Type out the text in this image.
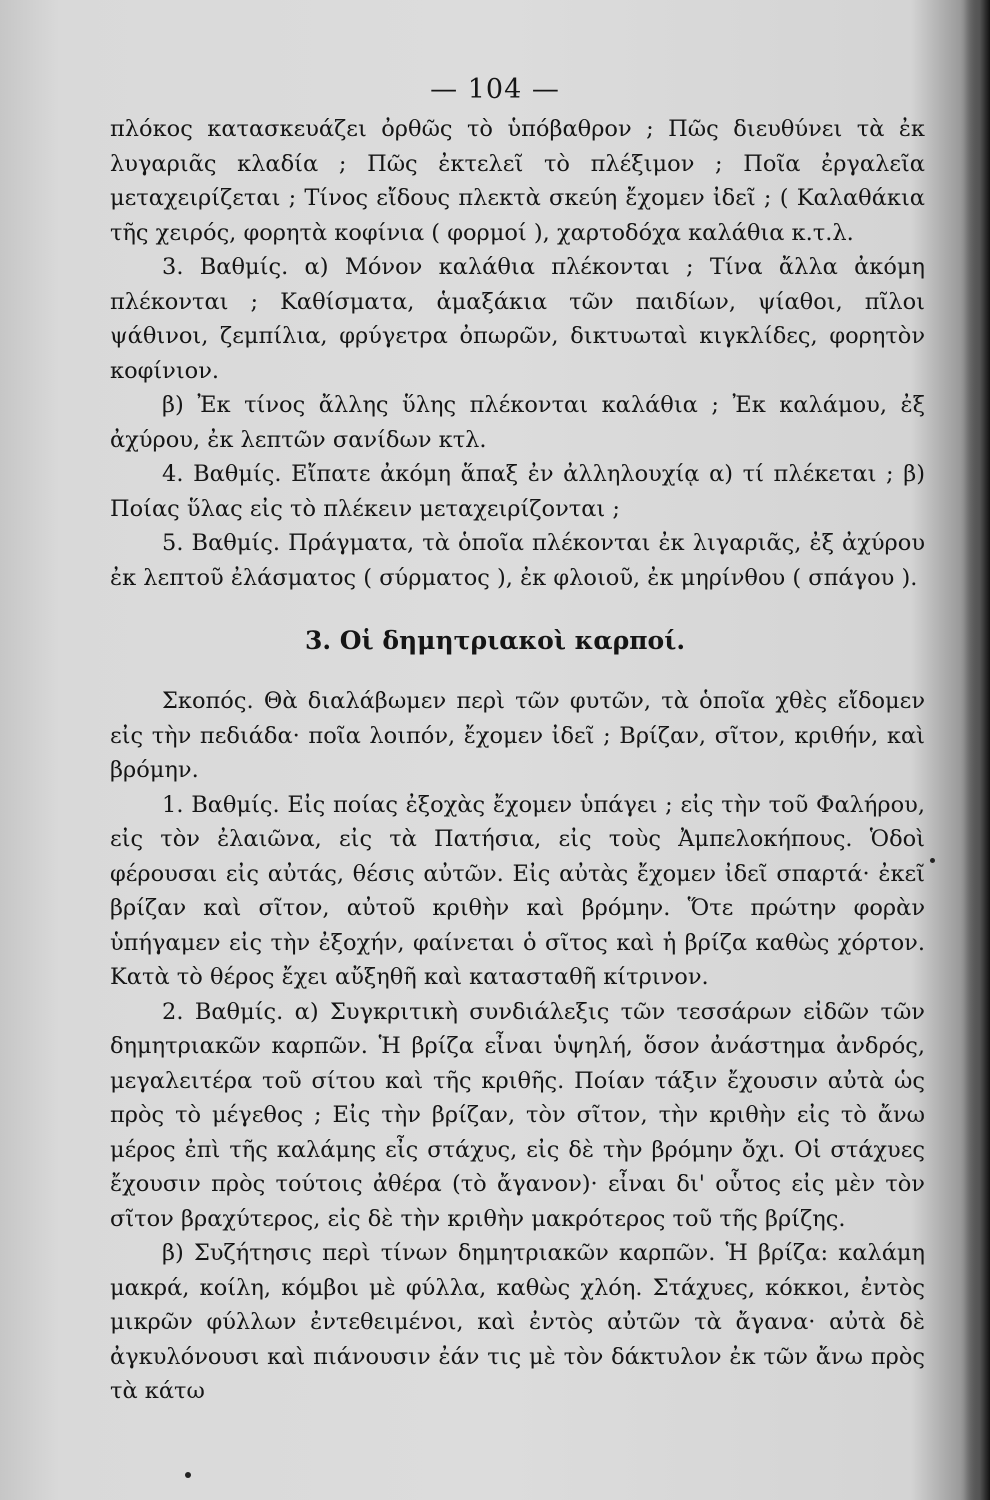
— 104 —

πλόκος κατασκευάζει ὀρθῶς τὸ ὑπόβαθρον ; Πῶς διευθύνει τὰ ἐκ λυγαριᾶς κλαδία ; Πῶς ἐκτελεῖ τὸ πλέξιμον ; Ποῖα ἐργαλεῖα μεταχειρίζεται ; Τίνος εἴδους πλεκτὰ σκεύη ἔχομεν ἰδεῖ ; ( Καλαθάκια τῆς χειρός, φορητὰ κοφίνια ( φορμοί ), χαρτοδόχα καλάθια κ.τ.λ.

3. Βαθμίς. α) Μόνον καλάθια πλέκονται ; Τίνα ἄλλα ἀκόμη πλέκονται ; Καθίσματα, ἁμαξάκια τῶν παιδίων, ψίαθοι, πῖλοι ψάθινοι, ζεμπίλια, φρύγετρα ὀπωρῶν, δικτυωταὶ κιγκλίδες, φορητὸν κοφίνιον.

β) Ἐκ τίνος ἄλλης ὕλης πλέκονται καλάθια ; Ἐκ καλάμου, ἐξ ἀχύρου, ἐκ λεπτῶν σανίδων κτλ.

4. Βαθμίς. Εἴπατε ἀκόμη ἅπαξ ἐν ἀλληλουχίᾳ α) τί πλέκεται ; β) Ποίας ὕλας εἰς τὸ πλέκειν μεταχειρίζονται ;

5. Βαθμίς. Πράγματα, τὰ ὁποῖα πλέκονται ἐκ λιγαριᾶς, ἐξ ἀχύρου ἐκ λεπτοῦ ἐλάσματος ( σύρματος ), ἐκ φλοιοῦ, ἐκ μηρίνθου ( σπάγου ).

3. Οἱ δημητριακοὶ καρποί.

Σκοπός. Θὰ διαλάβωμεν περὶ τῶν φυτῶν, τὰ ὁποῖα χθὲς εἴδομεν εἰς τὴν πεδιάδα· ποῖα λοιπόν, ἔχομεν ἰδεῖ ; Βρίζαν, σῖτον, κριθήν, καὶ βρόμην.

1. Βαθμίς. Εἰς ποίας ἐξοχὰς ἔχομεν ὑπάγει ; εἰς τὴν τοῦ Φαλήρου, εἰς τὸν ἐλαιῶνα, εἰς τὰ Πατήσια, εἰς τοὺς Ἀμπελοκήπους. Ὁδοὶ φέρουσαι εἰς αὐτάς, θέσις αὐτῶν. Εἰς αὐτὰς ἔχομεν ἰδεῖ σπαρτά· ἐκεῖ βρίζαν καὶ σῖτον, αὐτοῦ κριθὴν καὶ βρόμην. Ὅτε πρώτην φορὰν ὑπήγαμεν εἰς τὴν ἐξοχήν, φαίνεται ὁ σῖτος καὶ ἡ βρίζα καθὼς χόρτον. Κατὰ τὸ θέρος ἔχει αὔξηθῆ καὶ κατασταθῆ κίτρινον.

2. Βαθμίς. α) Συγκριτικὴ συνδιάλεξις τῶν τεσσάρων εἰδῶν τῶν δημητριακῶν καρπῶν. Ἡ βρίζα εἶναι ὑψηλή, ὅσον ἀνάστημα ἀνδρός, μεγαλειτέρα τοῦ σίτου καὶ τῆς κριθῆς. Ποίαν τάξιν ἔχουσιν αὐτὰ ὡς πρὸς τὸ μέγεθος ; Εἰς τὴν βρίζαν, τὸν σῖτον, τὴν κριθὴν εἰς τὸ ἄνω μέρος ἐπὶ τῆς καλάμης εἶς στάχυς, εἰς δὲ τὴν βρόμην ὄχι. Οἱ στάχυες ἔχουσιν πρὸς τούτοις ἀθέρα (τὸ ἄγανον)· εἶναι δι' οὗτος εἰς μὲν τὸν σῖτον βραχύτερος, εἰς δὲ τὴν κριθὴν μακρότερος τοῦ τῆς βρίζης.

β) Συζήτησις περὶ τίνων δημητριακῶν καρπῶν. Ἡ βρίζα: καλάμη μακρά, κοίλη, κόμβοι μὲ φύλλα, καθὼς χλόη. Στάχυες, κόκκοι, ἐντὸς μικρῶν φύλλων ἐντεθειμένοι, καὶ ἐντὸς αὐτῶν τὰ ἄγανα· αὐτὰ δὲ ἀγκυλόνουσι καὶ πιάνουσιν ἐάν τις μὲ τὸν δάκτυλον ἐκ τῶν ἄνω πρὸς τὰ κάτω
